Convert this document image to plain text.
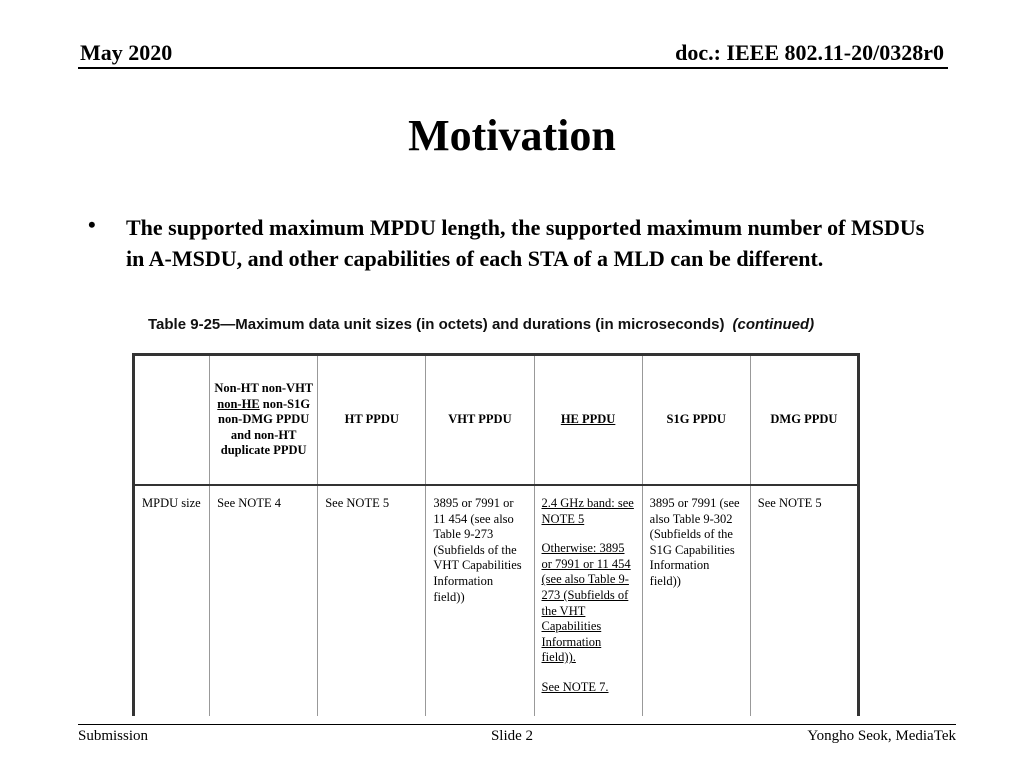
May 2020	doc.: IEEE 802.11-20/0328r0
Motivation
• The supported maximum MPDU length, the supported maximum number of MSDUs in A-MSDU, and other capabilities of each STA of a MLD can be different.
Table 9-25—Maximum data unit sizes (in octets) and durations (in microseconds) (continued)
	Non-HT non-VHT non-HE non-S1G non-DMG PPDU and non-HT duplicate PPDU	HT PPDU	VHT PPDU	HE PPDU	S1G PPDU	DMG PPDU
MPDU size	See NOTE 4	See NOTE 5	3895 or 7991 or 11 454 (see also Table 9-273 (Subfields of the VHT Capabilities Information field))	2.4 GHz band: see NOTE 5
Otherwise: 3895 or 7991 or 11 454 (see also Table 9-273 (Subfields of the VHT Capabilities Information field)).
See NOTE 7.	3895 or 7991 (see also Table 9-302 (Subfields of the S1G Capabilities Information field))	See NOTE 5
Submission	Slide 2	Yongho Seok, MediaTek
